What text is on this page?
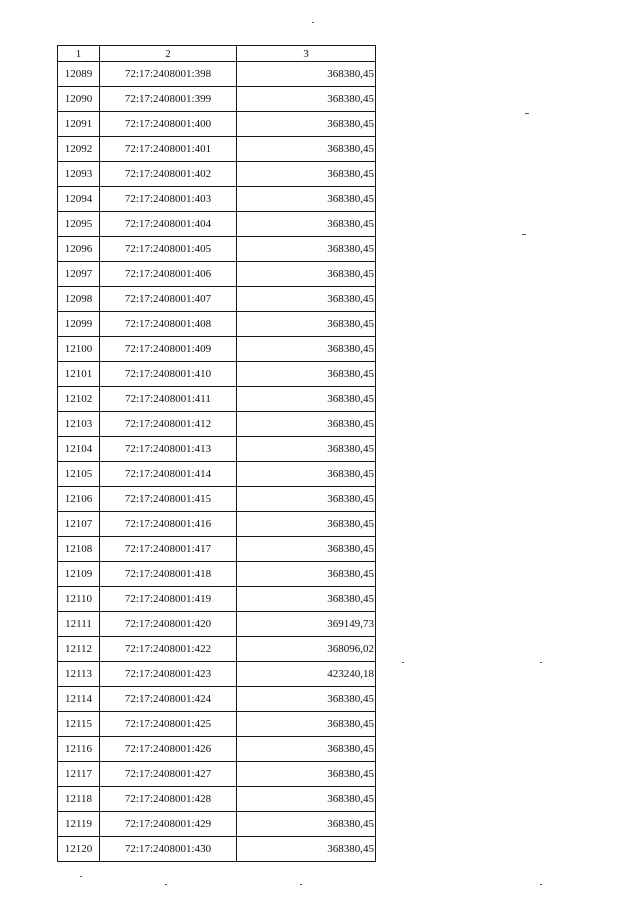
1	2	3
12089	72:17:2408001:398	368380,45
12090	72:17:2408001:399	368380,45
12091	72:17:2408001:400	368380,45
12092	72:17:2408001:401	368380,45
12093	72:17:2408001:402	368380,45
12094	72:17:2408001:403	368380,45
12095	72:17:2408001:404	368380,45
12096	72:17:2408001:405	368380,45
12097	72:17:2408001:406	368380,45
12098	72:17:2408001:407	368380,45
12099	72:17:2408001:408	368380,45
12100	72:17:2408001:409	368380,45
12101	72:17:2408001:410	368380,45
12102	72:17:2408001:411	368380,45
12103	72:17:2408001:412	368380,45
12104	72:17:2408001:413	368380,45
12105	72:17:2408001:414	368380,45
12106	72:17:2408001:415	368380,45
12107	72:17:2408001:416	368380,45
12108	72:17:2408001:417	368380,45
12109	72:17:2408001:418	368380,45
12110	72:17:2408001:419	368380,45
12111	72:17:2408001:420	369149,73
12112	72:17:2408001:422	368096,02
12113	72:17:2408001:423	423240,18
12114	72:17:2408001:424	368380,45
12115	72:17:2408001:425	368380,45
12116	72:17:2408001:426	368380,45
12117	72:17:2408001:427	368380,45
12118	72:17:2408001:428	368380,45
12119	72:17:2408001:429	368380,45
12120	72:17:2408001:430	368380,45
